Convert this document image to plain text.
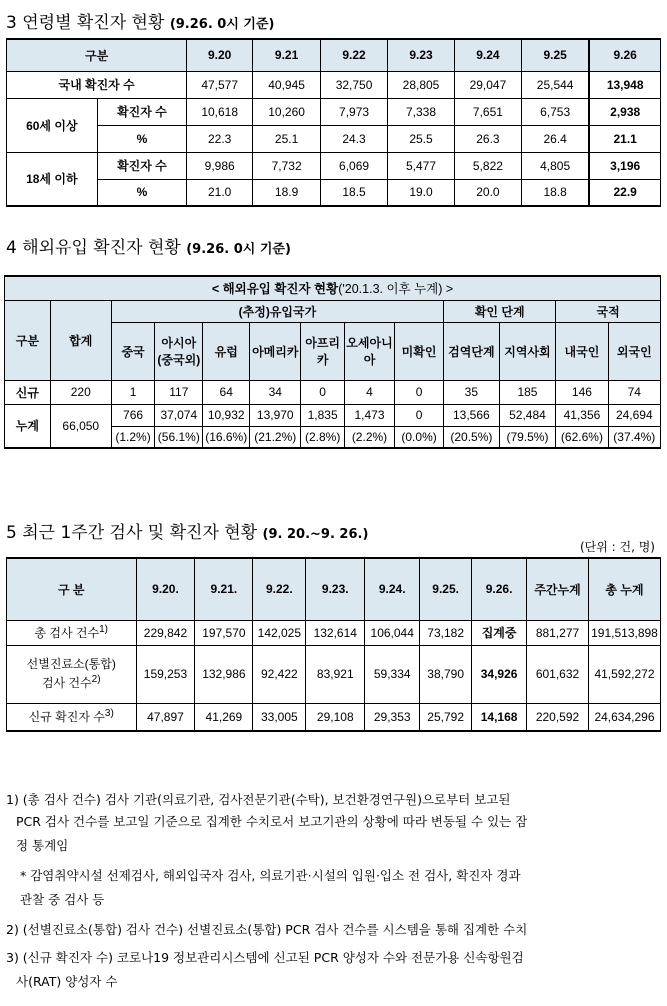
3 연령별 확진자 현황 (9.26. 0시 기준)
구분		9.20	9.21	9.22	9.23	9.24	9.25	9.26
국내 확진자 수		47,577	40,945	32,750	28,805	29,047	25,544	13,948
60세 이상	확진자 수	10,618	10,260	7,973	7,338	7,651	6,753	2,938
	%	22.3	25.1	24.3	25.5	26.3	26.4	21.1
18세 이하	확진자 수	9,986	7,732	6,069	5,477	5,822	4,805	3,196
	%	21.0	18.9	18.5	19.0	20.0	18.8	22.9
4 해외유입 확진자 현황 (9.26. 0시 기준)
< 해외유입 확진자 현황('20.1.3. 이후 누계) >												
구분	합계	(추정)유입국가							확인 단계		국적	
		중국	아시아(중국외)	유럽	아메리카	아프리카	오세아니아	미확인	검역단계	지역사회	내국인	외국인
신규	220	1	117	64	34	0	4	0	35	185	146	74
누계	66,050	766	37,074	10,932	13,970	1,835	1,473	0	13,566	52,484	41,356	24,694
		(1.2%)	(56.1%)	(16.6%)	(21.2%)	(2.8%)	(2.2%)	(0.0%)	(20.5%)	(79.5%)	(62.6%)	(37.4%)
5 최근 1주간 검사 및 확진자 현황 (9. 20.~9. 26.)
(단위 : 건, 명)
구 분	9.20.	9.21.	9.22.	9.23.	9.24.	9.25.	9.26.	주간누계	총 누계
총 검사 건수$^{1)}$	229,842	197,570	142,025	132,614	106,044	73,182	집계중	881,277	191,513,898
선별진료소(통합)
검사 건수$^{2)}$	159,253	132,986	92,422	83,921	59,334	38,790	34,926	601,632	41,592,272
신규 확진자 수$^{3)}$	47,897	41,269	33,005	29,108	29,353	25,792	14,168	220,592	24,634,296
1) (총 검사 건수) 검사 기관(의료기관, 검사전문기관(수탁), 보건환경연구원)으로부터 보고된
PCR 검사 건수를 보고일 기준으로 집계한 수치로서 보고기관의 상황에 따라 변동될 수 있는 잠
정 통계임
* 감염취약시설 선제검사, 해외입국자 검사, 의료기관·시설의 입원·입소 전 검사, 확진자 경과
관찰 중 검사 등
2) (선별진료소(통합) 검사 건수) 선별진료소(통합) PCR 검사 건수를 시스템을 통해 집계한 수치
3) (신규 확진자 수) 코로나19 정보관리시스템에 신고된 PCR 양성자 수와 전문가용 신속항원검
사(RAT) 양성자 수
